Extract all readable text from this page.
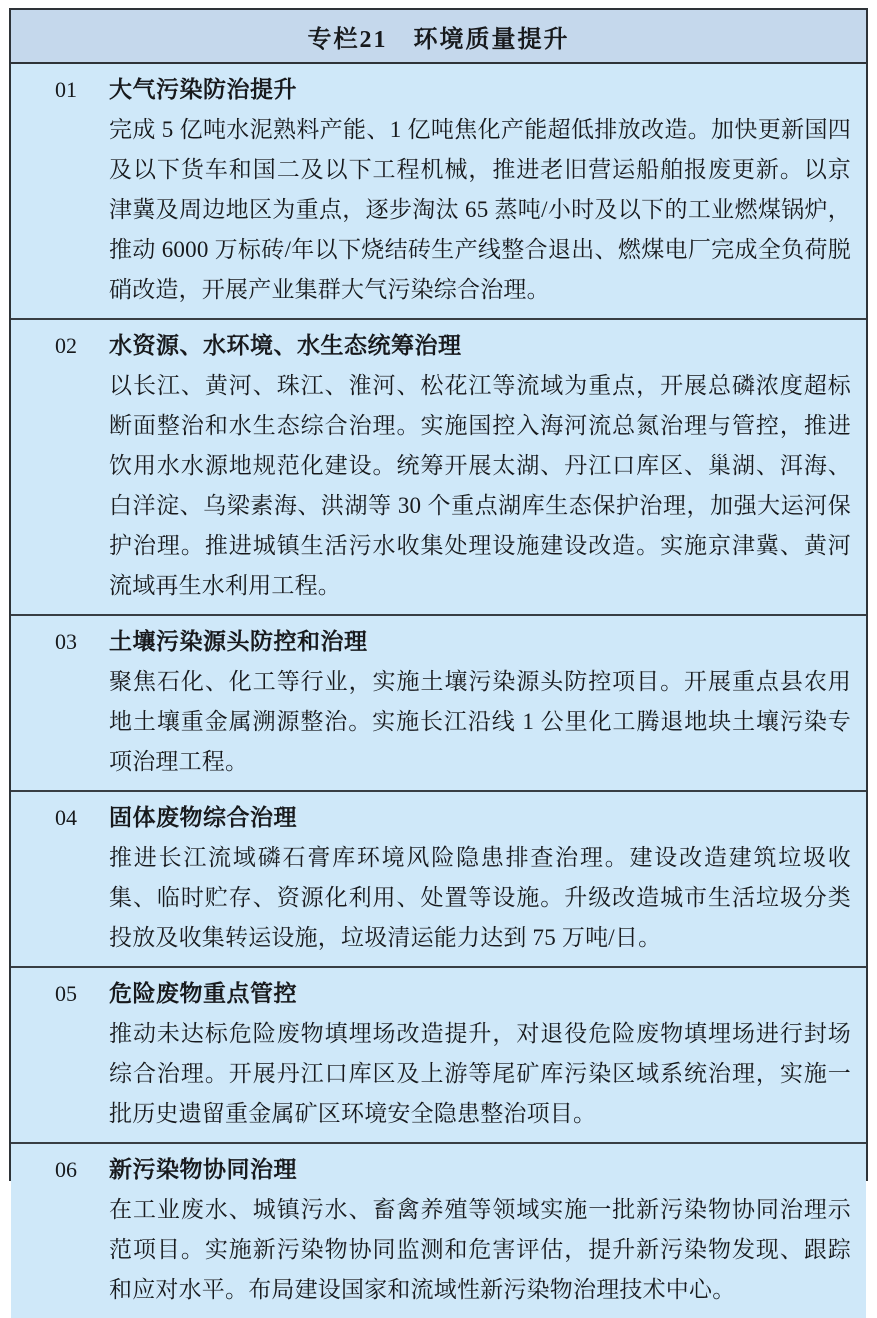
专栏21　环境质量提升
01	大气污染防治提升
完成 5 亿吨水泥熟料产能、1 亿吨焦化产能超低排放改造。加快更新国四及以下货车和国二及以下工程机械，推进老旧营运船舶报废更新。以京津冀及周边地区为重点，逐步淘汰 65 蒸吨/小时及以下的工业燃煤锅炉，推动 6000 万标砖/年以下烧结砖生产线整合退出、燃煤电厂完成全负荷脱硝改造，开展产业集群大气污染综合治理。
02	水资源、水环境、水生态统筹治理
以长江、黄河、珠江、淮河、松花江等流域为重点，开展总磷浓度超标断面整治和水生态综合治理。实施国控入海河流总氮治理与管控，推进饮用水水源地规范化建设。统筹开展太湖、丹江口库区、巢湖、洱海、白洋淀、乌梁素海、洪湖等 30 个重点湖库生态保护治理，加强大运河保护治理。推进城镇生活污水收集处理设施建设改造。实施京津冀、黄河流域再生水利用工程。
03	土壤污染源头防控和治理
聚焦石化、化工等行业，实施土壤污染源头防控项目。开展重点县农用地土壤重金属溯源整治。实施长江沿线 1 公里化工腾退地块土壤污染专项治理工程。
04	固体废物综合治理
推进长江流域磷石膏库环境风险隐患排查治理。建设改造建筑垃圾收集、临时贮存、资源化利用、处置等设施。升级改造城市生活垃圾分类投放及收集转运设施，垃圾清运能力达到 75 万吨/日。
05	危险废物重点管控
推动未达标危险废物填埋场改造提升，对退役危险废物填埋场进行封场综合治理。开展丹江口库区及上游等尾矿库污染区域系统治理，实施一批历史遗留重金属矿区环境安全隐患整治项目。
06	新污染物协同治理
在工业废水、城镇污水、畜禽养殖等领域实施一批新污染物协同治理示范项目。实施新污染物协同监测和危害评估，提升新污染物发现、跟踪和应对水平。布局建设国家和流域性新污染物治理技术中心。
